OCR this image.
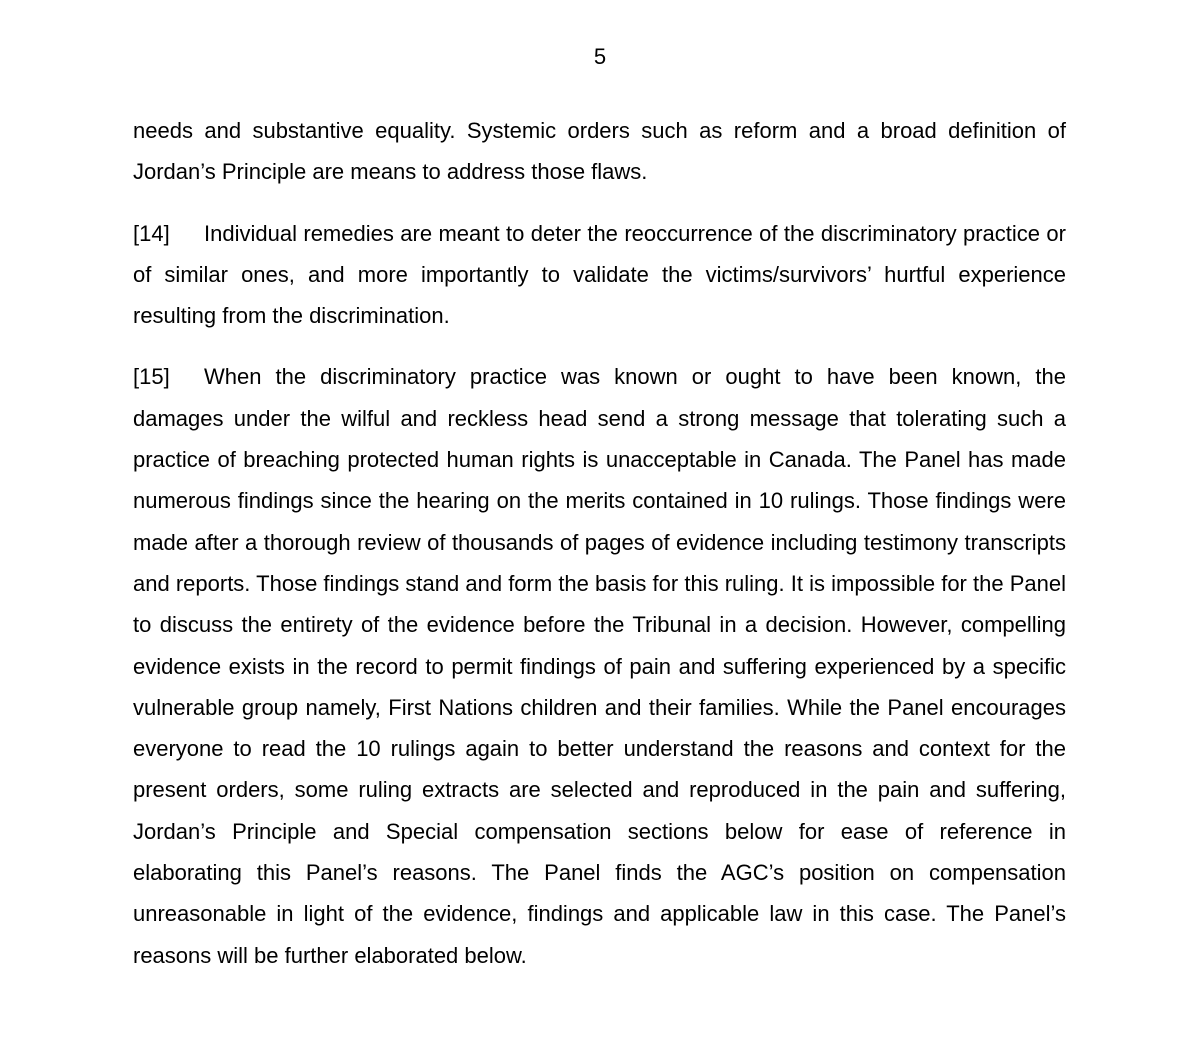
5

needs and substantive equality. Systemic orders such as reform and a broad definition of Jordan’s Principle are means to address those flaws.

[14] Individual remedies are meant to deter the reoccurrence of the discriminatory practice or of similar ones, and more importantly to validate the victims/survivors’ hurtful experience resulting from the discrimination.

[15] When the discriminatory practice was known or ought to have been known, the damages under the wilful and reckless head send a strong message that tolerating such a practice of breaching protected human rights is unacceptable in Canada. The Panel has made numerous findings since the hearing on the merits contained in 10 rulings. Those findings were made after a thorough review of thousands of pages of evidence including testimony transcripts and reports. Those findings stand and form the basis for this ruling. It is impossible for the Panel to discuss the entirety of the evidence before the Tribunal in a decision. However, compelling evidence exists in the record to permit findings of pain and suffering experienced by a specific vulnerable group namely, First Nations children and their families. While the Panel encourages everyone to read the 10 rulings again to better understand the reasons and context for the present orders, some ruling extracts are selected and reproduced in the pain and suffering, Jordan’s Principle and Special compensation sections below for ease of reference in elaborating this Panel’s reasons. The Panel finds the AGC’s position on compensation unreasonable in light of the evidence, findings and applicable law in this case. The Panel’s reasons will be further elaborated below.
